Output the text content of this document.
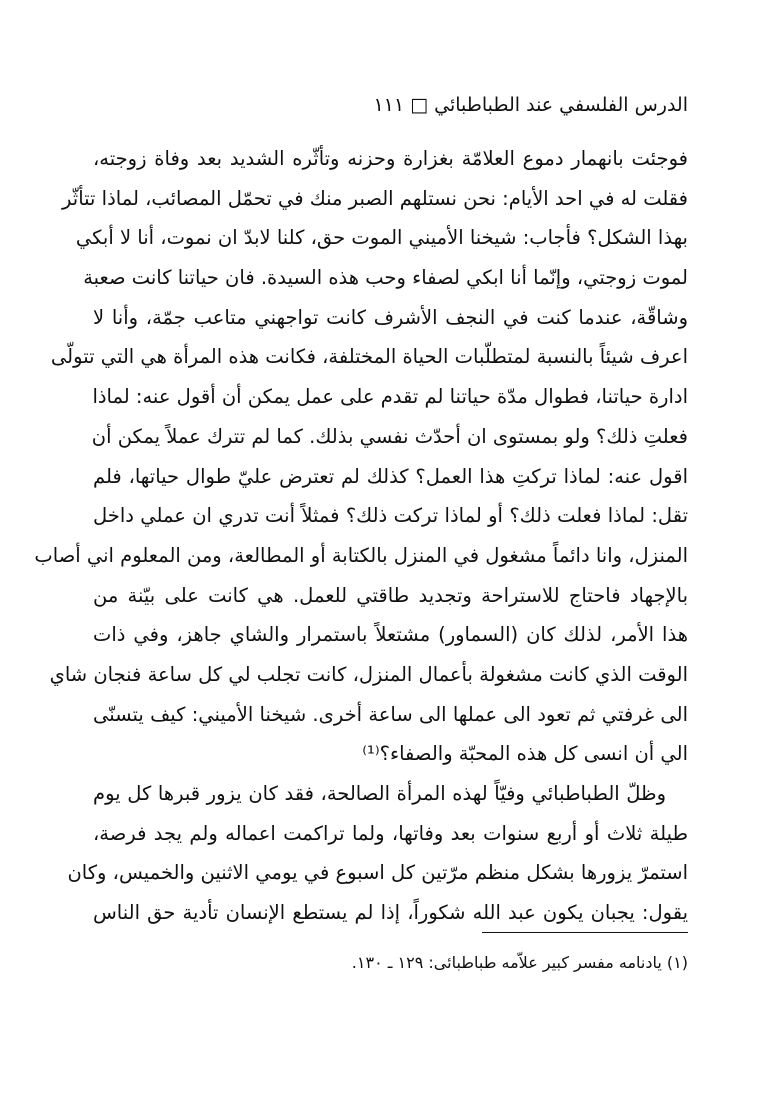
الدرس الفلسفي عند الطباطبائي □ ١١١
فوجئت بانهمار دموع العلامّة بغزارة وحزنه وتأثّره الشديد بعد وفاة زوجته،
فقلت له في احد الأيام: نحن نستلهم الصبر منك في تحمّل المصائب، لماذا تتأثّر
بهذا الشكل؟ فأجاب: شيخنا الأميني الموت حق، كلنا لابدّ ان نموت، أنا لا أبكي
لموت زوجتي، وإنّما أنا ابكي لصفاء وحب هذه السيدة. فان حياتنا كانت صعبة
وشاقّة، عندما كنت في النجف الأشرف كانت تواجهني متاعب جمّة، وأنا لا
اعرف شيئاً بالنسبة لمتطلّبات الحياة المختلفة، فكانت هذه المرأة هي التي تتولّى
ادارة حياتنا، فطوال مدّة حياتنا لم تقدم على عمل يمكن أن أقول عنه: لماذا
فعلتِ ذلك؟ ولو بمستوى ان أحدّث نفسي بذلك. كما لم تترك عملاً يمكن أن
اقول عنه: لماذا تركتِ هذا العمل؟ كذلك لم تعترض عليّ طوال حياتها، فلم
تقل: لماذا فعلت ذلك؟ أو لماذا تركت ذلك؟ فمثلاً أنت تدري ان عملي داخل
المنزل، وانا دائماً مشغول في المنزل بالكتابة أو المطالعة، ومن المعلوم اني أصاب
بالإجهاد فاحتاج للاستراحة وتجديد طاقتي للعمل. هي كانت على بيّنة من
هذا الأمر، لذلك كان (السماور) مشتعلاً باستمرار والشاي جاهز، وفي ذات
الوقت الذي كانت مشغولة بأعمال المنزل، كانت تجلب لي كل ساعة فنجان شاي
الى غرفتي ثم تعود الى عملها الى ساعة أخرى. شيخنا الأميني: كيف يتسنّى
الي أن انسى كل هذه المحبّة والصفاء؟⁽¹⁾
وظلّ الطباطبائي وفيّاً لهذه المرأة الصالحة، فقد كان يزور قبرها كل يوم
طيلة ثلاث أو أربع سنوات بعد وفاتها، ولما تراكمت اعماله ولم يجد فرصة،
استمرّ يزورها بشكل منظم مرّتين كل اسبوع في يومي الاثنين والخميس، وكان
يقول: يجبان يكون عبد الله شكوراً، إذا لم يستطع الإنسان تأدية حق الناس
(١) يادنامه مفسر كبير علاّمه طباطبائى: ١٢٩ ـ ١٣٠.
